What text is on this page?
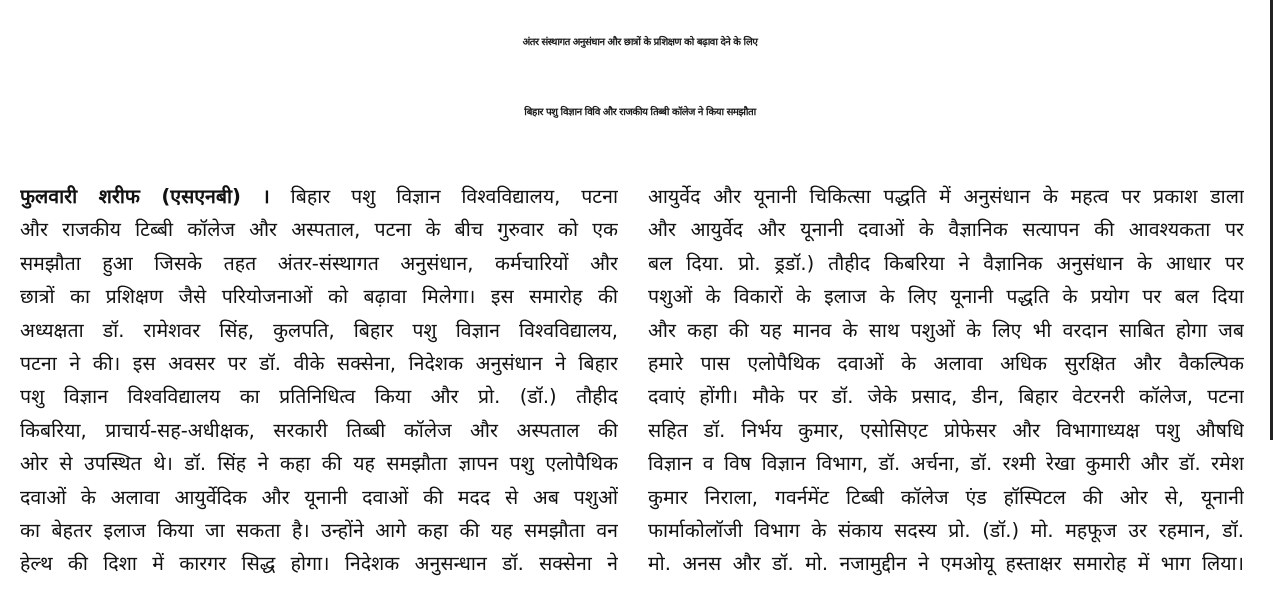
अंतर संस्थागत अनुसंधान और छात्रों के प्रशिक्षण को बढ़ावा देने के लिए
बिहार पशु विज्ञान विवि और राजकीय तिब्बी कॉलेज ने किया समझौता
फुलवारी शरीफ (एसएनबी) । बिहार पशु विज्ञान विश्वविद्यालय, पटना
और राजकीय टिब्बी कॉलेज और अस्पताल, पटना के बीच गुरुवार को एक
समझौता हुआ जिसके तहत अंतर-संस्थागत अनुसंधान, कर्मचारियों और
छात्रों का प्रशिक्षण जैसे परियोजनाओं को बढ़ावा मिलेगा। इस समारोह की
अध्यक्षता डॉ. रामेशवर सिंह, कुलपति, बिहार पशु विज्ञान विश्वविद्यालय,
पटना ने की। इस अवसर पर डॉ. वीके सक्सेना, निदेशक अनुसंधान ने बिहार
पशु विज्ञान विश्वविद्यालय का प्रतिनिधित्व किया और प्रो. (डॉ.) तौहीद
किबरिया, प्राचार्य-सह-अधीक्षक, सरकारी तिब्बी कॉलेज और अस्पताल की
ओर से उपस्थित थे। डॉ. सिंह ने कहा की यह समझौता ज्ञापन पशु एलोपैथिक
दवाओं के अलावा आयुर्वेदिक और यूनानी दवाओं की मदद से अब पशुओं
का बेहतर इलाज किया जा सकता है। उन्होंने आगे कहा की यह समझौता वन
हेल्थ की दिशा में कारगर सिद्ध होगा। निदेशक अनुसन्धान डॉ. सक्सेना ने
आयुर्वेद और यूनानी चिकित्सा पद्धति में अनुसंधान के महत्व पर प्रकाश डाला
और आयुर्वेद और यूनानी दवाओं के वैज्ञानिक सत्यापन की आवश्यकता पर
बल दिया. प्रो. ड्रडॉ.) तौहीद किबरिया ने वैज्ञानिक अनुसंधान के आधार पर
पशुओं के विकारों के इलाज के लिए यूनानी पद्धति के प्रयोग पर बल दिया
और कहा की यह मानव के साथ पशुओं के लिए भी वरदान साबित होगा जब
हमारे पास एलोपैथिक दवाओं के अलावा अधिक सुरक्षित और वैकल्पिक
दवाएं होंगी। मौके पर डॉ. जेके प्रसाद, डीन, बिहार वेटरनरी कॉलेज, पटना
सहित डॉ. निर्भय कुमार, एसोसिएट प्रोफेसर और विभागाध्यक्ष पशु औषधि
विज्ञान व विष विज्ञान विभाग, डॉ. अर्चना, डॉ. रश्मी रेखा कुमारी और डॉ. रमेश
कुमार निराला, गवर्नमेंट टिब्बी कॉलेज एंड हॉस्पिटल की ओर से, यूनानी
फार्माकोलॉजी विभाग के संकाय सदस्य प्रो. (डॉ.) मो. महफूज उर रहमान, डॉ.
मो. अनस और डॉ. मो. नजामुद्दीन ने एमओयू हस्ताक्षर समारोह में भाग लिया।
